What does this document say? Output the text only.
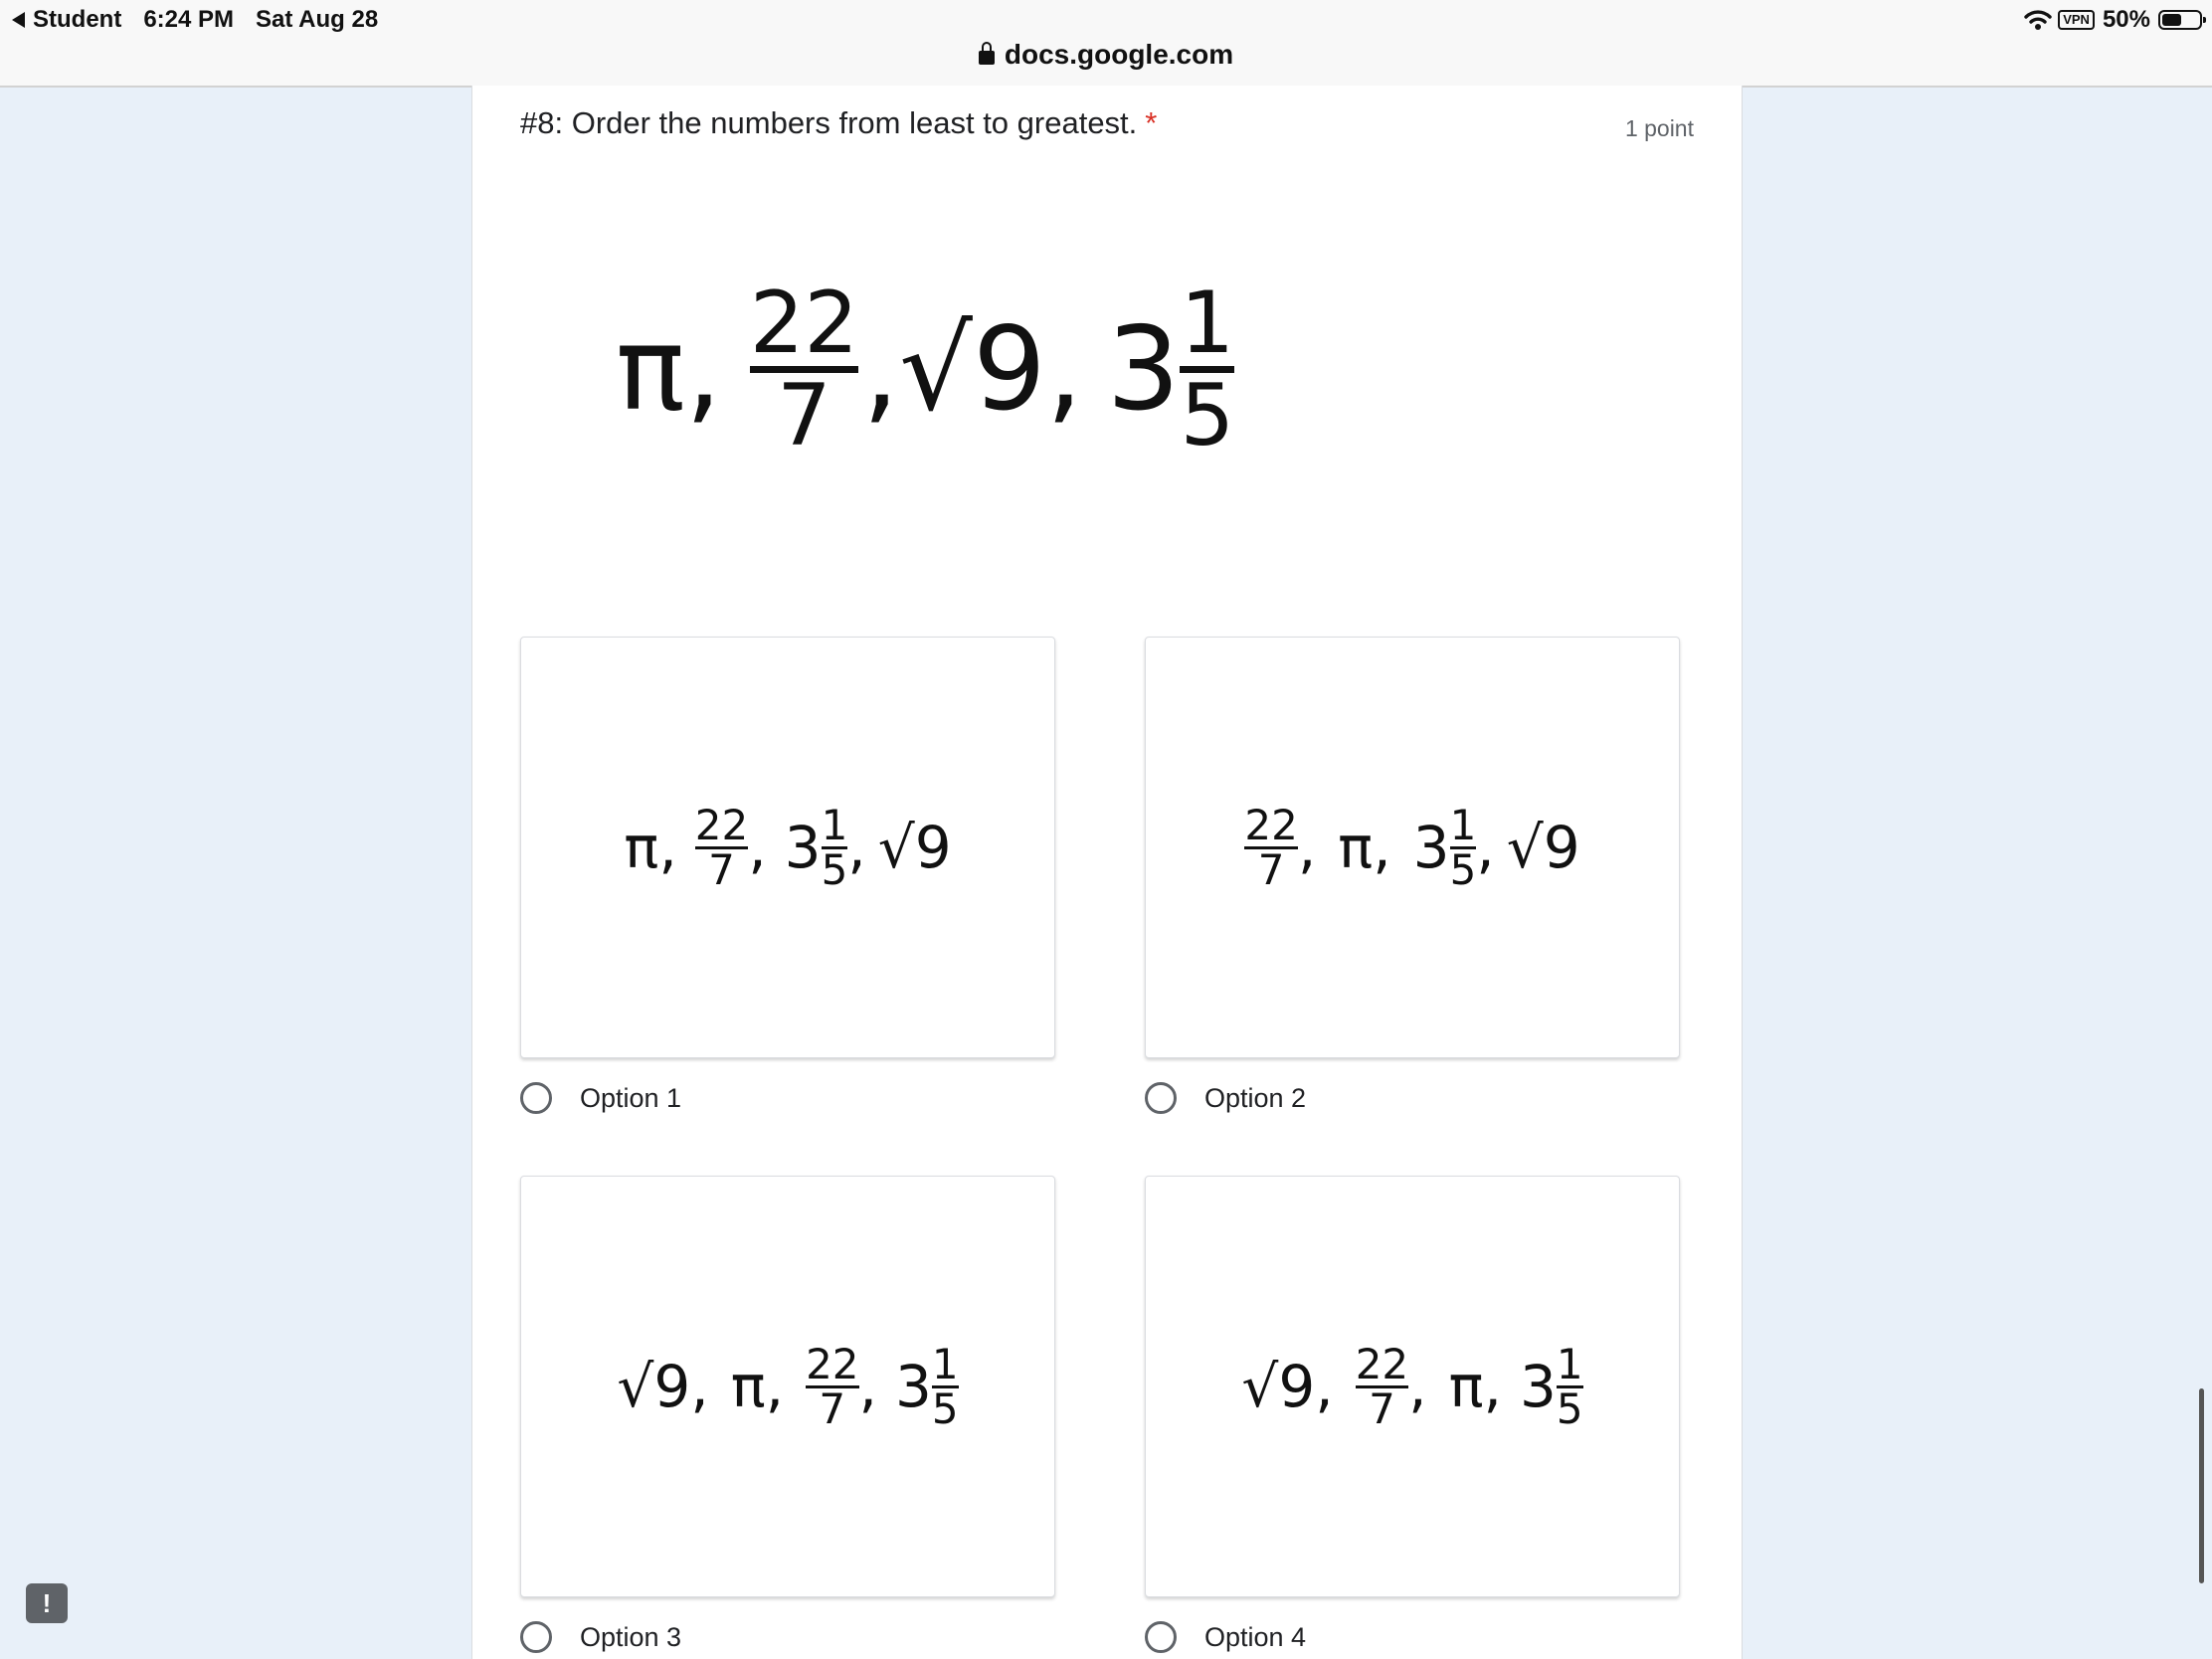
Student 6:24 PM Sat Aug 28	VPN 50%
docs.google.com
#8: Order the numbers from least to greatest. *	1 point
π , 22
7 , √9 , 3 1
5
π , $\frac{22}{7}$ , $3 \frac{1}{5}$ , √9	$\frac{22}{7}$ , π , $3 \frac{1}{5}$ , √9
Option 1	Option 2
√9 , π , $\frac{22}{7}$ , $3 \frac{1}{5}$	√9 , $\frac{22}{7}$ , π , $3 \frac{1}{5}$
Option 3	Option 4
!
